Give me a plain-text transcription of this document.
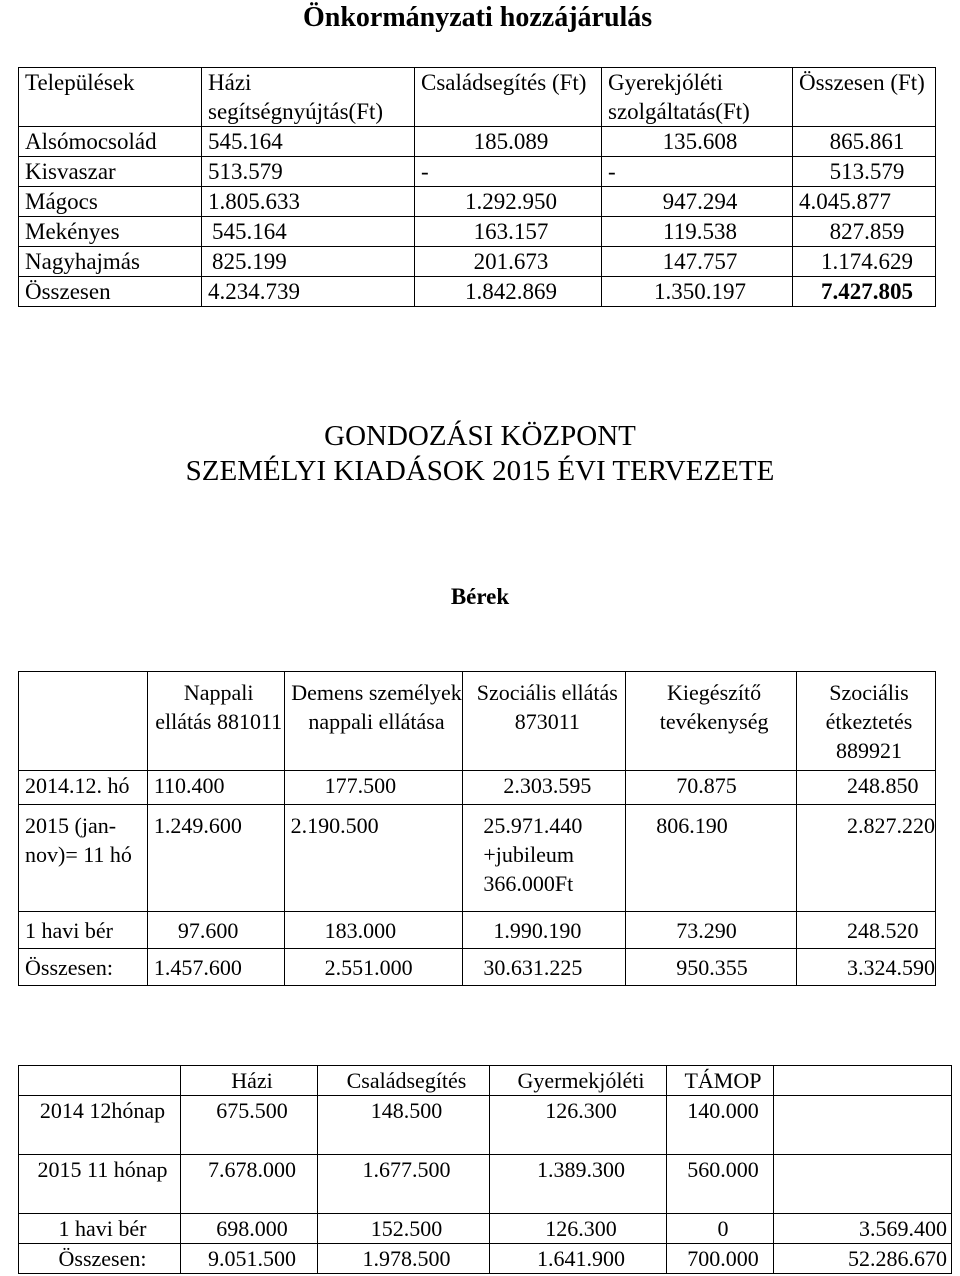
Önkormányzati hozzájárulás
Települések	Házi segítségnyújtás(Ft)	Családsegítés (Ft)	Gyerekjóléti szolgáltatás(Ft)	Összesen (Ft)
Alsómocsolád	545.164	185.089	135.608	865.861
Kisvaszar	513.579	-	-	513.579
Mágocs	1.805.633	1.292.950	947.294	4.045.877
Mekényes	545.164	163.157	119.538	827.859
Nagyhajmás	825.199	201.673	147.757	1.174.629
Összesen	4.234.739	1.842.869	1.350.197	7.427.805
GONDOZÁSI KÖZPONT
SZEMÉLYI KIADÁSOK 2015 ÉVI TERVEZETE
Bérek
	Nappali ellátás 881011	Demens személyek nappali ellátása	Szociális ellátás 873011	Kiegészítő tevékenység	Szociális étkeztetés 889921
2014.12. hó	110.400	177.500	2.303.595	70.875	248.850
2015 (jan-nov)= 11 hó	1.249.600	2.190.500	25.971.440 +jubileum 366.000Ft	806.190	2.827.220
1 havi bér	97.600	183.000	1.990.190	73.290	248.520
Összesen:	1.457.600	2.551.000	30.631.225	950.355	3.324.590
	Házi	Családsegítés	Gyermekjóléti	TÁMOP	
2014 12hónap	675.500	148.500	126.300	140.000	
2015 11 hónap	7.678.000	1.677.500	1.389.300	560.000	
1 havi bér	698.000	152.500	126.300	0	3.569.400
Összesen:	9.051.500	1.978.500	1.641.900	700.000	52.286.670
